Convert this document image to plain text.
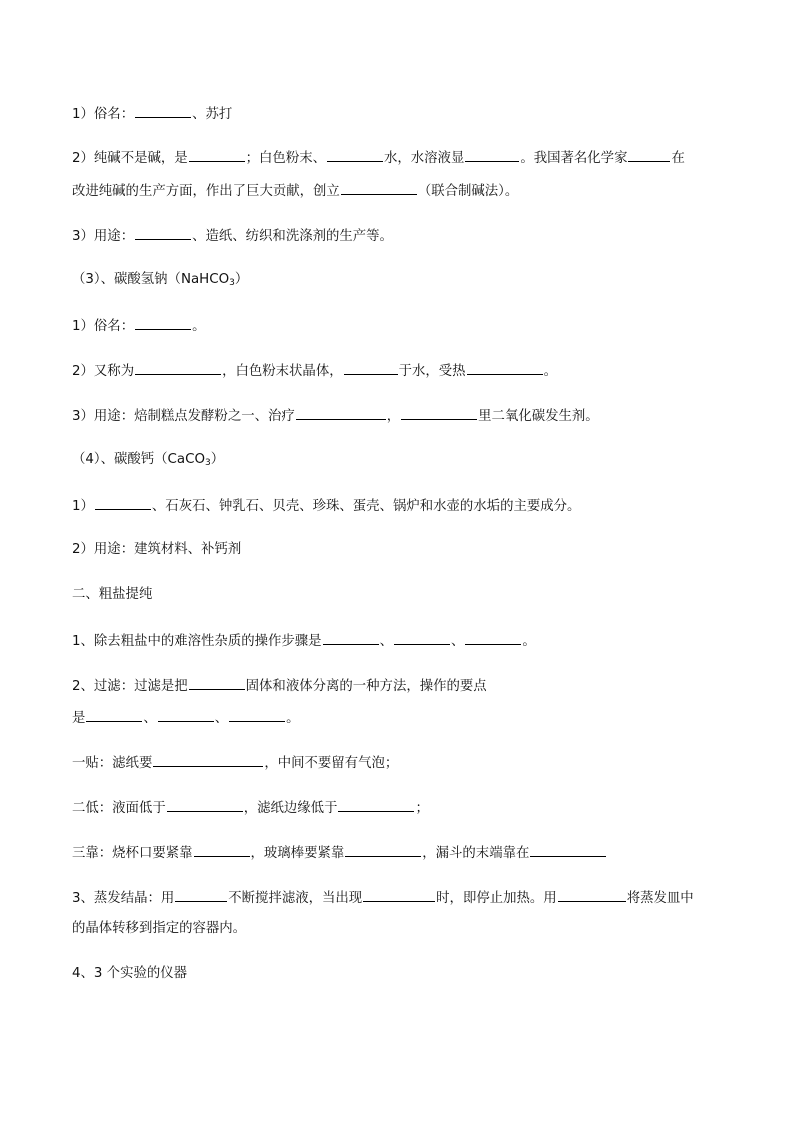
1）俗名：	、苏打
2）纯碱不是碱，是	；白色粉末、	水，水溶液显	。我国著名化学家	在
改进纯碱的生产方面，作出了巨大贡献，创立	（联合制碱法）。
3）用途：	、造纸、纺织和洗涤剂的生产等。
（3）、碳酸氢钠（NaHCO$_3$）
1）俗名：	。
2）又称为	，白色粉末状晶体，	于水，受热	。
3）用途：焙制糕点发酵粉之一、治疗	，	里二氧化碳发生剂。
（4）、碳酸钙（CaCO$_3$）
1）	、石灰石、钟乳石、贝壳、珍珠、蛋壳、锅炉和水壶的水垢的主要成分。
2）用途：建筑材料、补钙剂
二、粗盐提纯
1、除去粗盐中的难溶性杂质的操作步骤是	、	、	。
2、过滤：过滤是把	固体和液体分离的一种方法，操作的要点
是	、	、	。
一贴：滤纸要	，中间不要留有气泡；
二低：液面低于	，滤纸边缘低于	；
三靠：烧杯口要紧靠	，玻璃棒要紧靠	，漏斗的末端靠在
3、蒸发结晶：用	不断搅拌滤液，当出现	时，即停止加热。用	将蒸发皿中
的晶体转移到指定的容器内。
4、3 个实验的仪器
